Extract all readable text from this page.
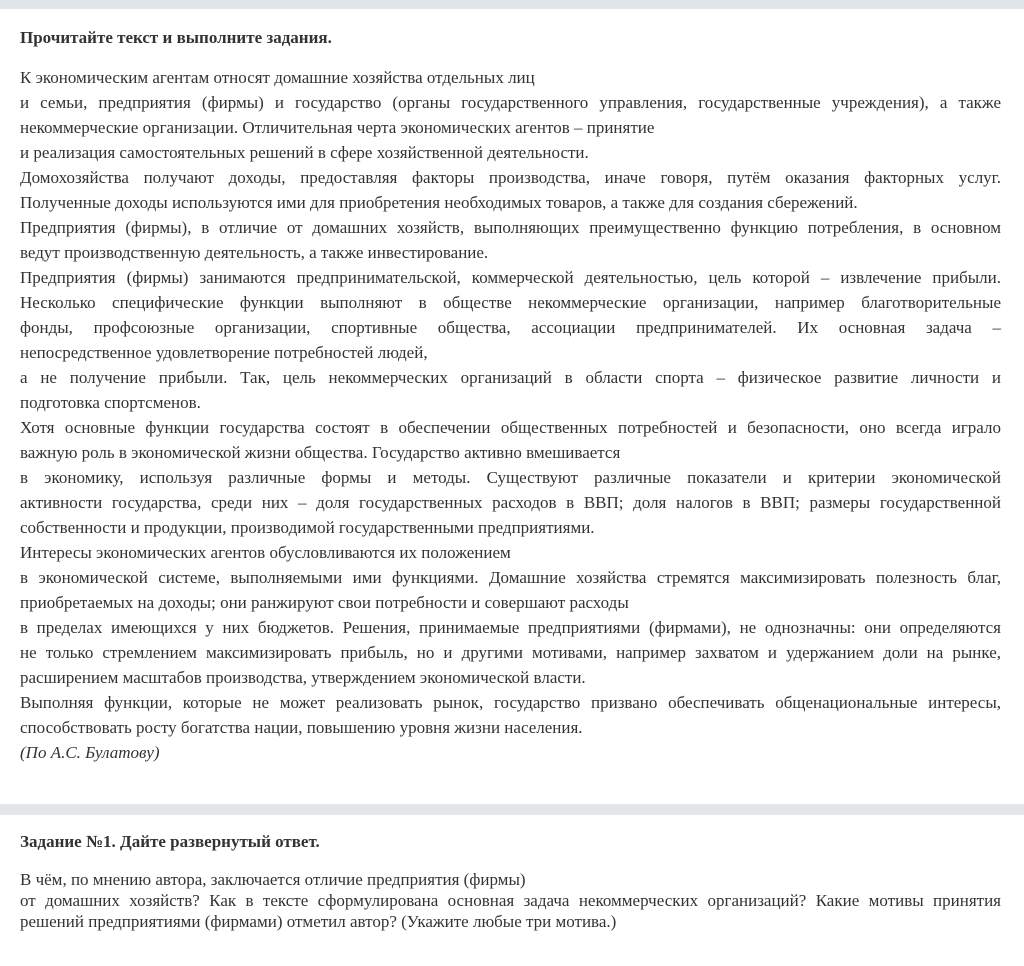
Прочитайте текст и выполните задания.
К экономическим агентам относят домашние хозяйства отдельных лиц
и семьи, предприятия (фирмы) и государство (органы государственного управления, государственные учреждения), а также
некоммерческие организации. Отличительная черта экономических агентов – принятие
и реализация самостоятельных решений в сфере хозяйственной деятельности.
Домохозяйства получают доходы, предоставляя факторы производства, иначе говоря, путём оказания факторных услуг.
Полученные доходы используются ими для приобретения необходимых товаров, а также для создания сбережений.
Предприятия (фирмы), в отличие от домашних хозяйств, выполняющих преимущественно функцию потребления, в основном
ведут производственную деятельность, а также инвестирование.
Предприятия (фирмы) занимаются предпринимательской, коммерческой деятельностью, цель которой – извлечение прибыли.
Несколько специфические функции выполняют в обществе некоммерческие организации, например благотворительные
фонды, профсоюзные организации, спортивные общества, ассоциации предпринимателей. Их основная задача –
непосредственное удовлетворение потребностей людей,
а не получение прибыли. Так, цель некоммерческих организаций в области спорта – физическое развитие личности и
подготовка спортсменов.
Хотя основные функции государства состоят в обеспечении общественных потребностей и безопасности, оно всегда играло
важную роль в экономической жизни общества. Государство активно вмешивается
в экономику, используя различные формы и методы. Существуют различные показатели и критерии экономической
активности государства, среди них – доля государственных расходов в ВВП; доля налогов в ВВП; размеры государственной
собственности и продукции, производимой государственными предприятиями.
Интересы экономических агентов обусловливаются их положением
в экономической системе, выполняемыми ими функциями. Домашние хозяйства стремятся максимизировать полезность благ,
приобретаемых на доходы; они ранжируют свои потребности и совершают расходы
в пределах имеющихся у них бюджетов. Решения, принимаемые предприятиями (фирмами), не однозначны: они определяются
не только стремлением максимизировать прибыль, но и другими мотивами, например захватом и удержанием доли на рынке,
расширением масштабов производства, утверждением экономической власти.
Выполняя функции, которые не может реализовать рынок, государство призвано обеспечивать общенациональные интересы,
способствовать росту богатства нации, повышению уровня жизни населения.
(По А.С. Булатову)
Задание №1. Дайте развернутый ответ.
В чём, по мнению автора, заключается отличие предприятия (фирмы)
от домашних хозяйств? Как в тексте сформулирована основная задача некоммерческих организаций? Какие мотивы принятия
решений предприятиями (фирмами) отметил автор? (Укажите любые три мотива.)
